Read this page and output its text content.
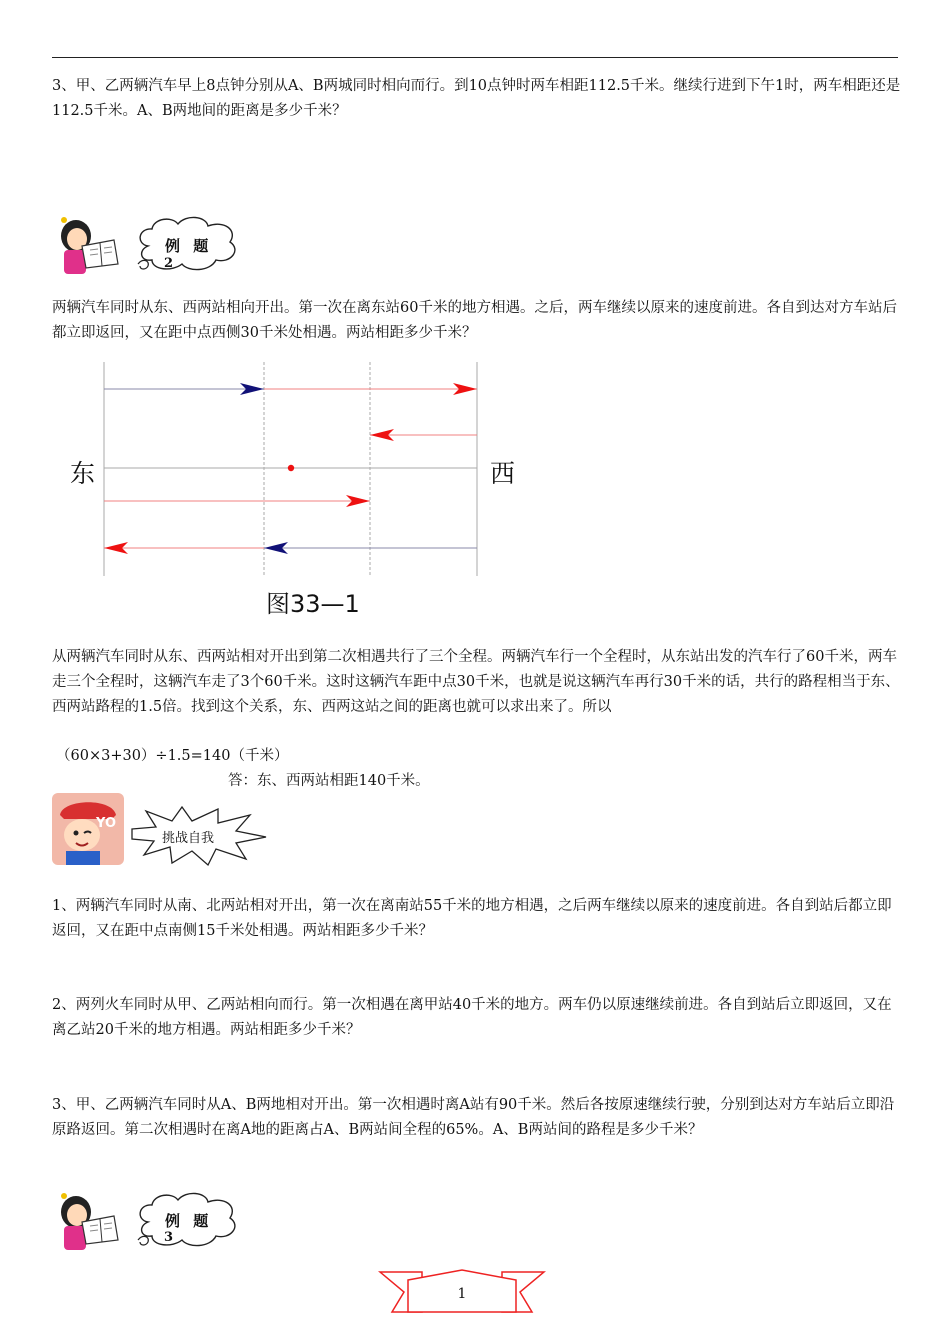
3、甲、乙两辆汽车早上8点钟分别从A、B两城同时相向而行。到10点钟时两车相距112.5千米。继续行进到下午1时，两车相距还是112.5千米。A、B两地间的距离是多少千米？

例 题
2

两辆汽车同时从东、西两站相向开出。第一次在离东站60千米的地方相遇。之后，两车继续以原来的速度前进。各自到达对方车站后都立即返回，又在距中点西侧30千米处相遇。两站相距多少千米？

东	西
图33—1

从两辆汽车同时从东、西两站相对开出到第二次相遇共行了三个全程。两辆汽车行一个全程时，从东站出发的汽车行了60千米，两车走三个全程时，这辆汽车走了3个60千米。这时这辆汽车距中点30千米，也就是说这辆汽车再行30千米的话，共行的路程相当于东、西两站路程的1.5倍。找到这个关系，东、西两这站之间的距离也就可以求出来了。所以

（60×3+30）÷1.5=140（千米）
答：东、西两站相距140千米。
YO
挑战自我

1、两辆汽车同时从南、北两站相对开出，第一次在离南站55千米的地方相遇，之后两车继续以原来的速度前进。各自到站后都立即返回，又在距中点南侧15千米处相遇。两站相距多少千米？

2、两列火车同时从甲、乙两站相向而行。第一次相遇在离甲站40千米的地方。两车仍以原速继续前进。各自到站后立即返回，又在离乙站20千米的地方相遇。两站相距多少千米？

3、甲、乙两辆汽车同时从A、B两地相对开出。第一次相遇时离A站有90千米。然后各按原速继续行驶，分别到达对方车站后立即沿原路返回。第二次相遇时在离A地的距离占A、B两站间全程的65%。A、B两站间的路程是多少千米？

例 题
3
1
